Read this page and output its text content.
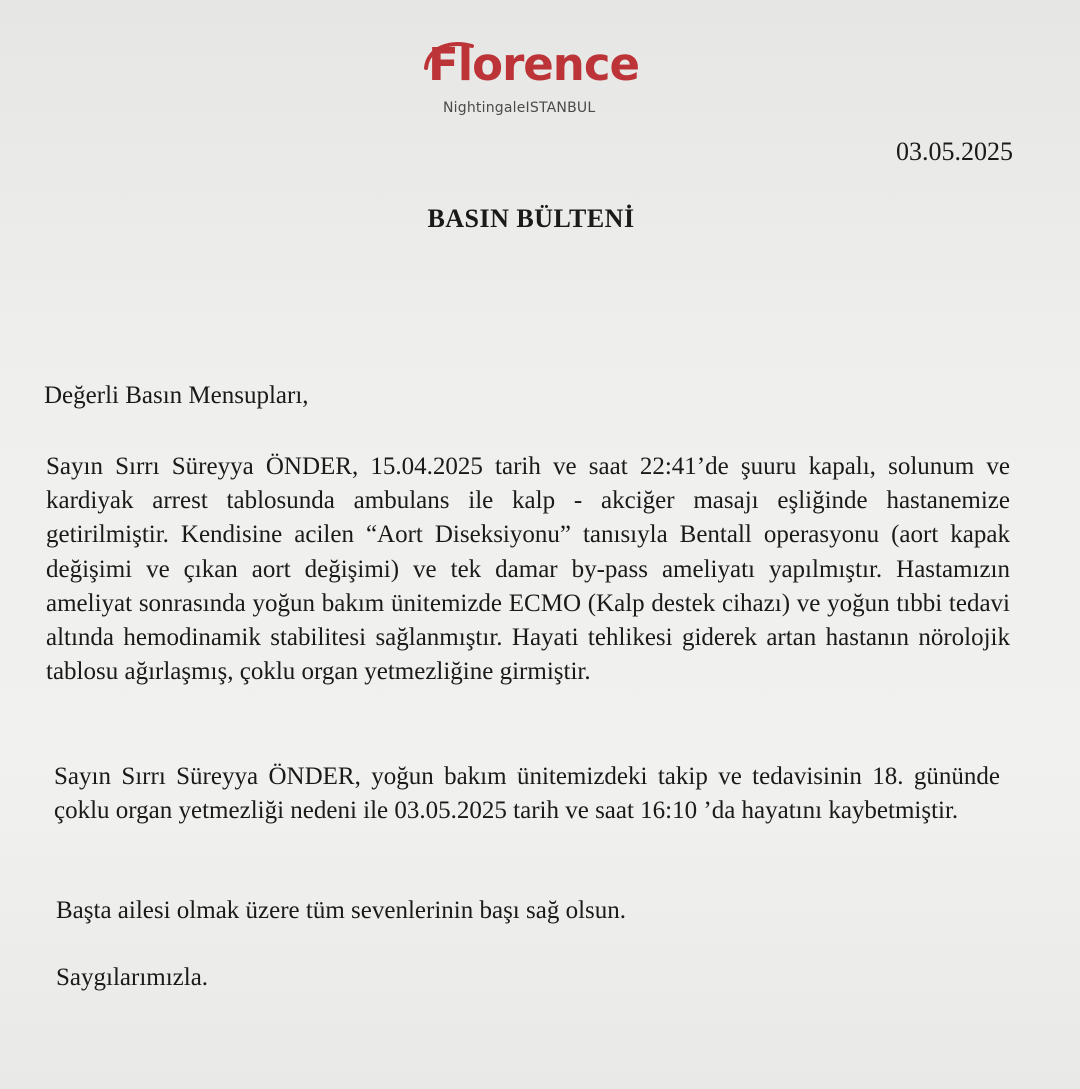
Florence
NightingaleISTANBUL
03.05.2025
BASIN BÜLTENİ
Değerli Basın Mensupları,
Sayın Sırrı Süreyya ÖNDER, 15.04.2025 tarih ve saat 22:41’de şuuru kapalı, solunum ve kardiyak arrest tablosunda ambulans ile kalp - akciğer masajı eşliğinde hastanemize getirilmiştir. Kendisine acilen “Aort Diseksiyonu” tanısıyla Bentall operasyonu (aort kapak değişimi ve çıkan aort değişimi) ve tek damar by-pass ameliyatı yapılmıştır. Hastamızın ameliyat sonrasında yoğun bakım ünitemizde ECMO (Kalp destek cihazı) ve yoğun tıbbi tedavi altında hemodinamik stabilitesi sağlanmıştır. Hayati tehlikesi giderek artan hastanın nörolojik tablosu ağırlaşmış, çoklu organ yetmezliğine girmiştir.
Sayın Sırrı Süreyya ÖNDER, yoğun bakım ünitemizdeki takip ve tedavisinin 18. gününde çoklu organ yetmezliği nedeni ile 03.05.2025 tarih ve saat 16:10 ’da hayatını kaybetmiştir.
Başta ailesi olmak üzere tüm sevenlerinin başı sağ olsun.
Saygılarımızla.
